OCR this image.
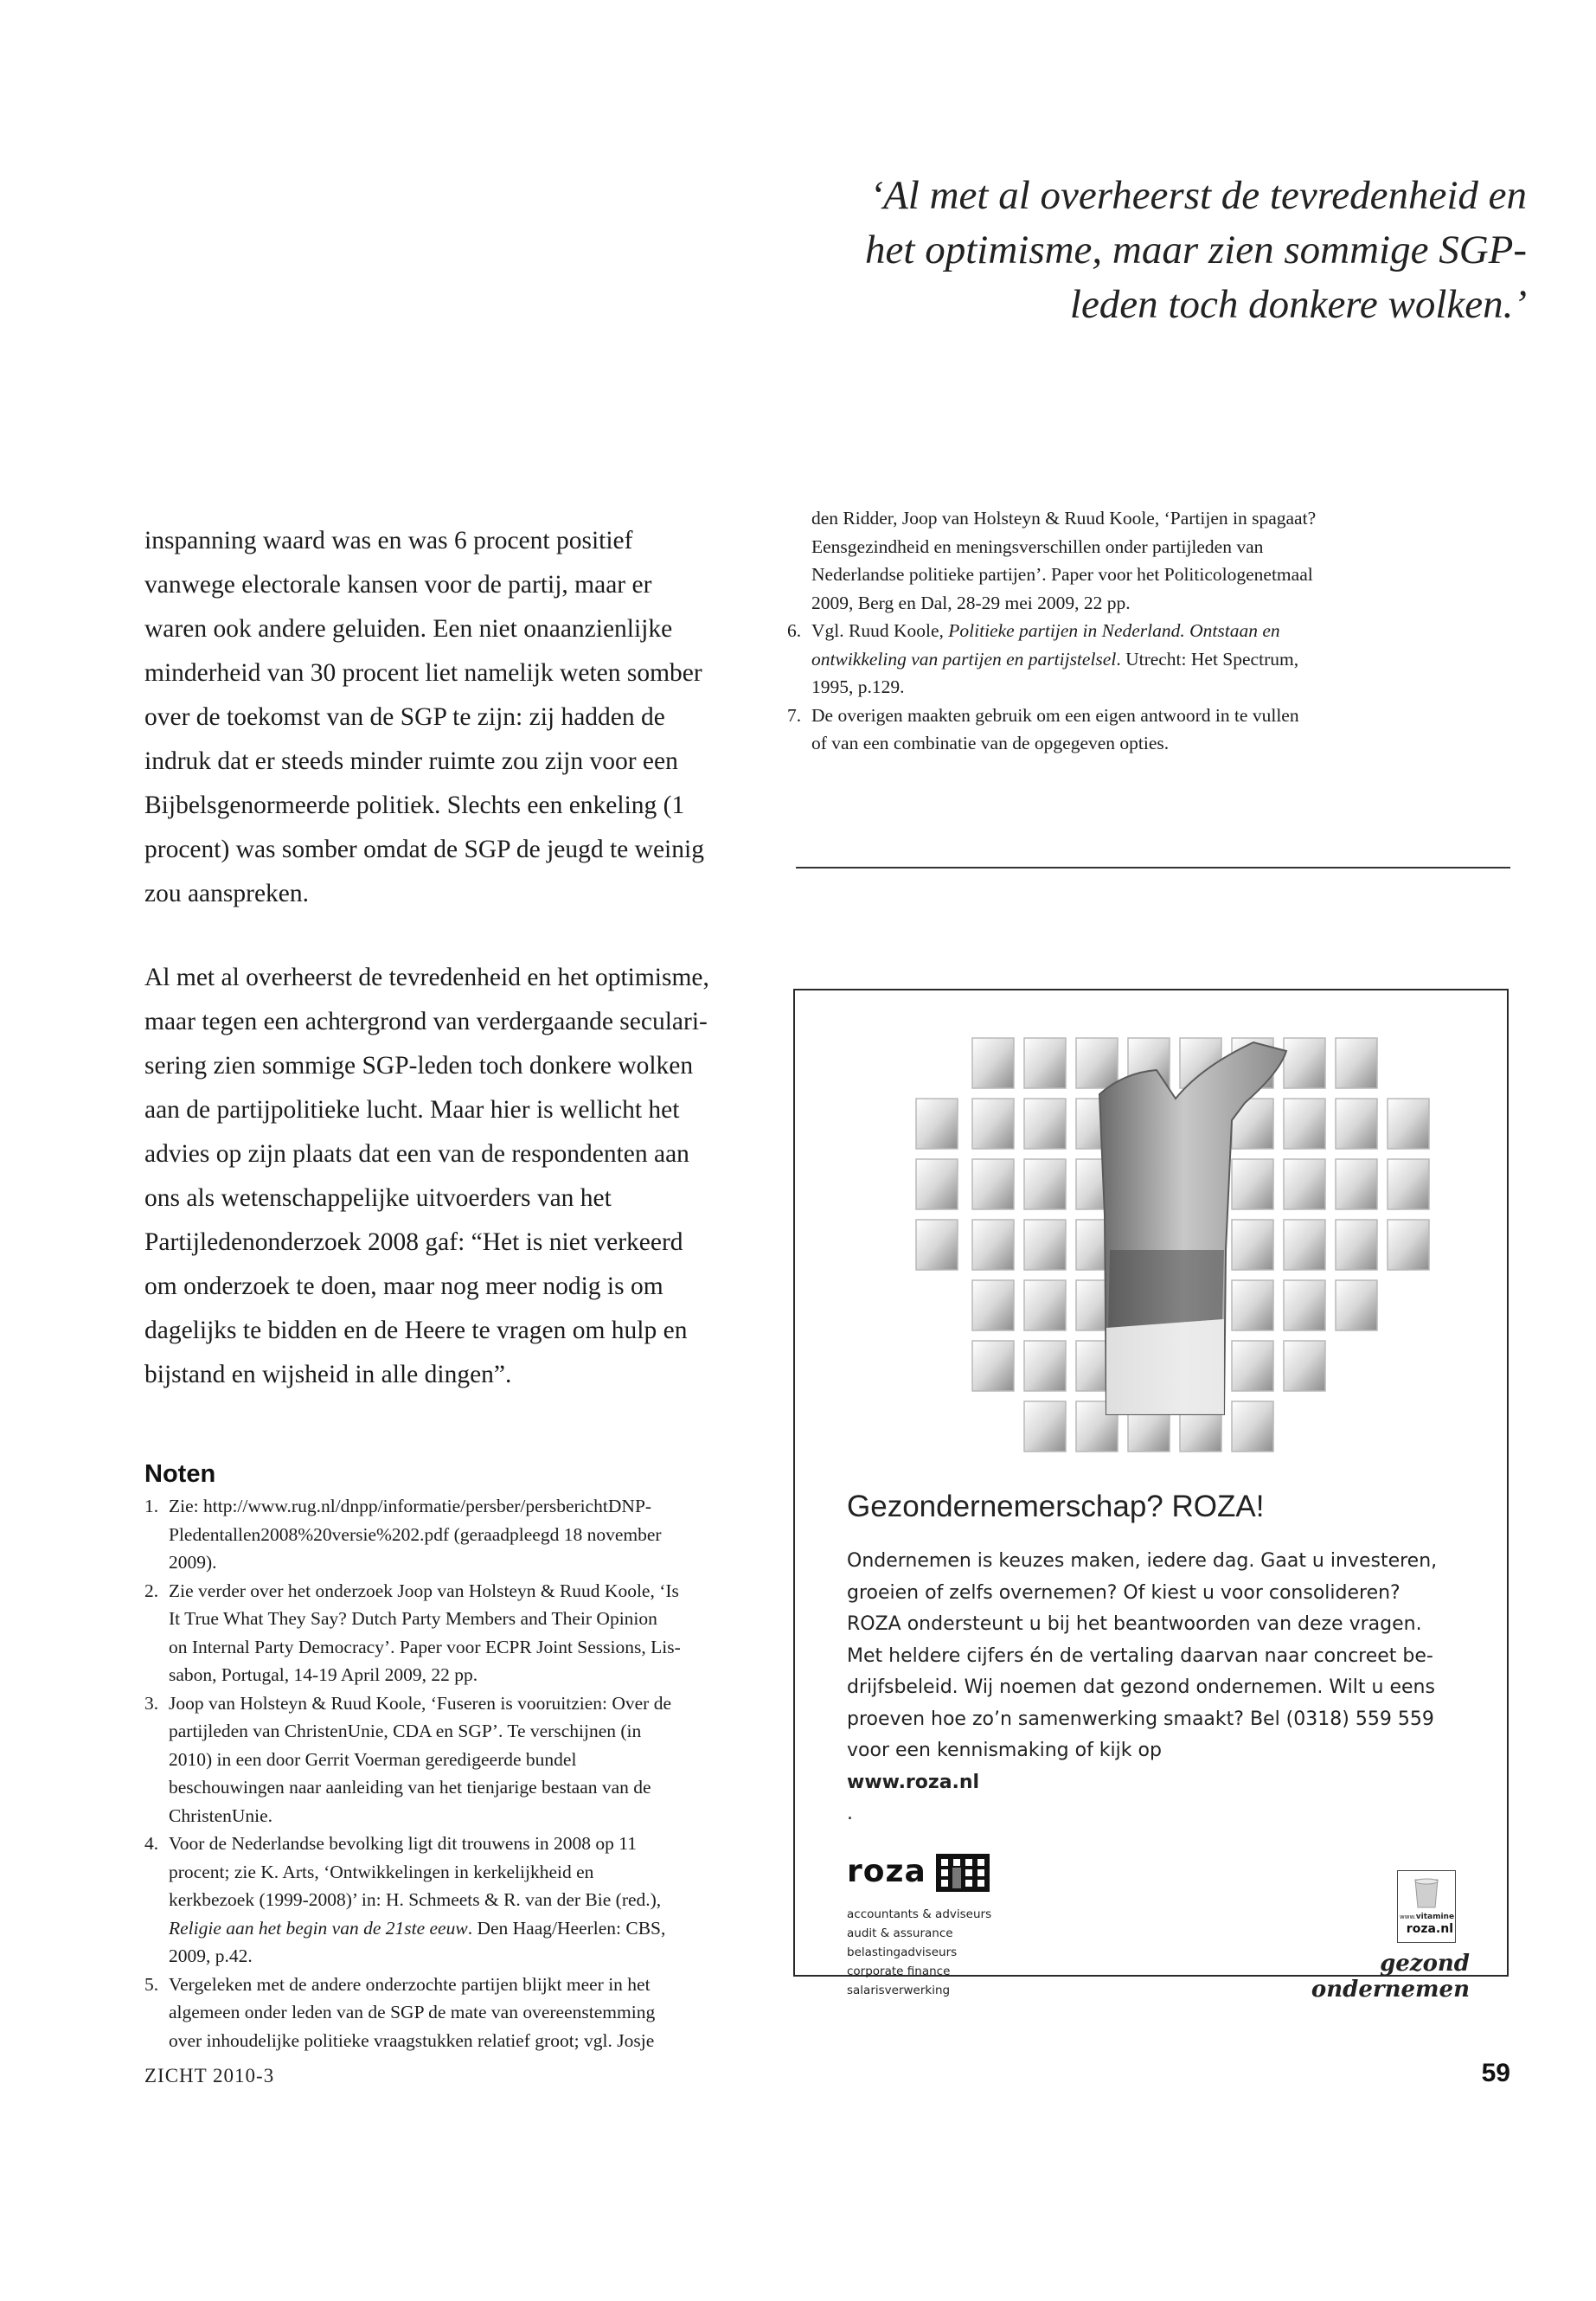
‘Al met al overheerst de tevredenheid en
het optimisme, maar zien sommige SGP-
leden toch donkere wolken.’
inspanning waard was en was 6 procent positief
vanwege electorale kansen voor de partij, maar er
waren ook andere geluiden. Een niet onaanzienlijke
minderheid van 30 procent liet namelijk weten somber
over de toekomst van de SGP te zijn: zij hadden de
indruk dat er steeds minder ruimte zou zijn voor een
Bijbelsgenormeerde politiek. Slechts een enkeling (1
procent) was somber omdat de SGP de jeugd te weinig
zou aanspreken.
Al met al overheerst de tevredenheid en het optimisme,
maar tegen een achtergrond van verdergaande seculari-
sering zien sommige SGP-leden toch donkere wolken
aan de partijpolitieke lucht. Maar hier is wellicht het
advies op zijn plaats dat een van de respondenten aan
ons als wetenschappelijke uitvoerders van het
Partijledenonderzoek 2008 gaf: “Het is niet verkeerd
om onderzoek te doen, maar nog meer nodig is om
dagelijks te bidden en de Heere te vragen om hulp en
bijstand en wijsheid in alle dingen”.
Noten
1. Zie: http://www.rug.nl/dnpp/informatie/persber/persberichtDNP-
Pledentallen2008%20versie%202.pdf (geraadpleegd 18 november
2009).
2. Zie verder over het onderzoek Joop van Holsteyn & Ruud Koole, ‘Is
It True What They Say? Dutch Party Members and Their Opinion
on Internal Party Democracy’. Paper voor ECPR Joint Sessions, Lis-
sabon, Portugal, 14-19 April 2009, 22 pp.
3. Joop van Holsteyn & Ruud Koole, ‘Fuseren is vooruitzien: Over de
partijleden van ChristenUnie, CDA en SGP’. Te verschijnen (in
2010) in een door Gerrit Voerman geredigeerde bundel
beschouwingen naar aanleiding van het tienjarige bestaan van de
ChristenUnie.
4. Voor de Nederlandse bevolking ligt dit trouwens in 2008 op 11
procent; zie K. Arts, ‘Ontwikkelingen in kerkelijkheid en
kerkbezoek (1999-2008)’ in: H. Schmeets & R. van der Bie (red.),
Religie aan het begin van de 21ste eeuw. Den Haag/Heerlen: CBS,
2009, p.42.
5. Vergeleken met de andere onderzochte partijen blijkt meer in het
algemeen onder leden van de SGP de mate van overeenstemming
over inhoudelijke politieke vraagstukken relatief groot; vgl. Josje
den Ridder, Joop van Holsteyn & Ruud Koole, ‘Partijen in spagaat?
Eensgezindheid en meningsverschillen onder partijleden van
Nederlandse politieke partijen’. Paper voor het Politicologenetmaal
2009, Berg en Dal, 28-29 mei 2009, 22 pp.
6. Vgl. Ruud Koole, Politieke partijen in Nederland. Ontstaan en
ontwikkeling van partijen en partijstelsel. Utrecht: Het Spectrum,
1995, p.129.
7. De overigen maakten gebruik om een eigen antwoord in te vullen
of van een combinatie van de opgegeven opties.
Gezondernemerschap? ROZA!
Ondernemen is keuzes maken, iedere dag. Gaat u investeren,
groeien of zelfs overnemen? Of kiest u voor consolideren?
ROZA ondersteunt u bij het beantwoorden van deze vragen.
Met heldere cijfers én de vertaling daarvan naar concreet be-
drijfsbeleid. Wij noemen dat gezond ondernemen. Wilt u eens
proeven hoe zo’n samenwerking smaakt? Bel (0318) 559 559
voor een kennismaking of kijk op
www.roza.nl
.
roza
accountants & adviseurs
audit & assurance
belastingadviseurs
corporate finance
salarisverwerking
www.vitamine
roza.nl
gezond ondernemen
ZICHT 2010-3	59
